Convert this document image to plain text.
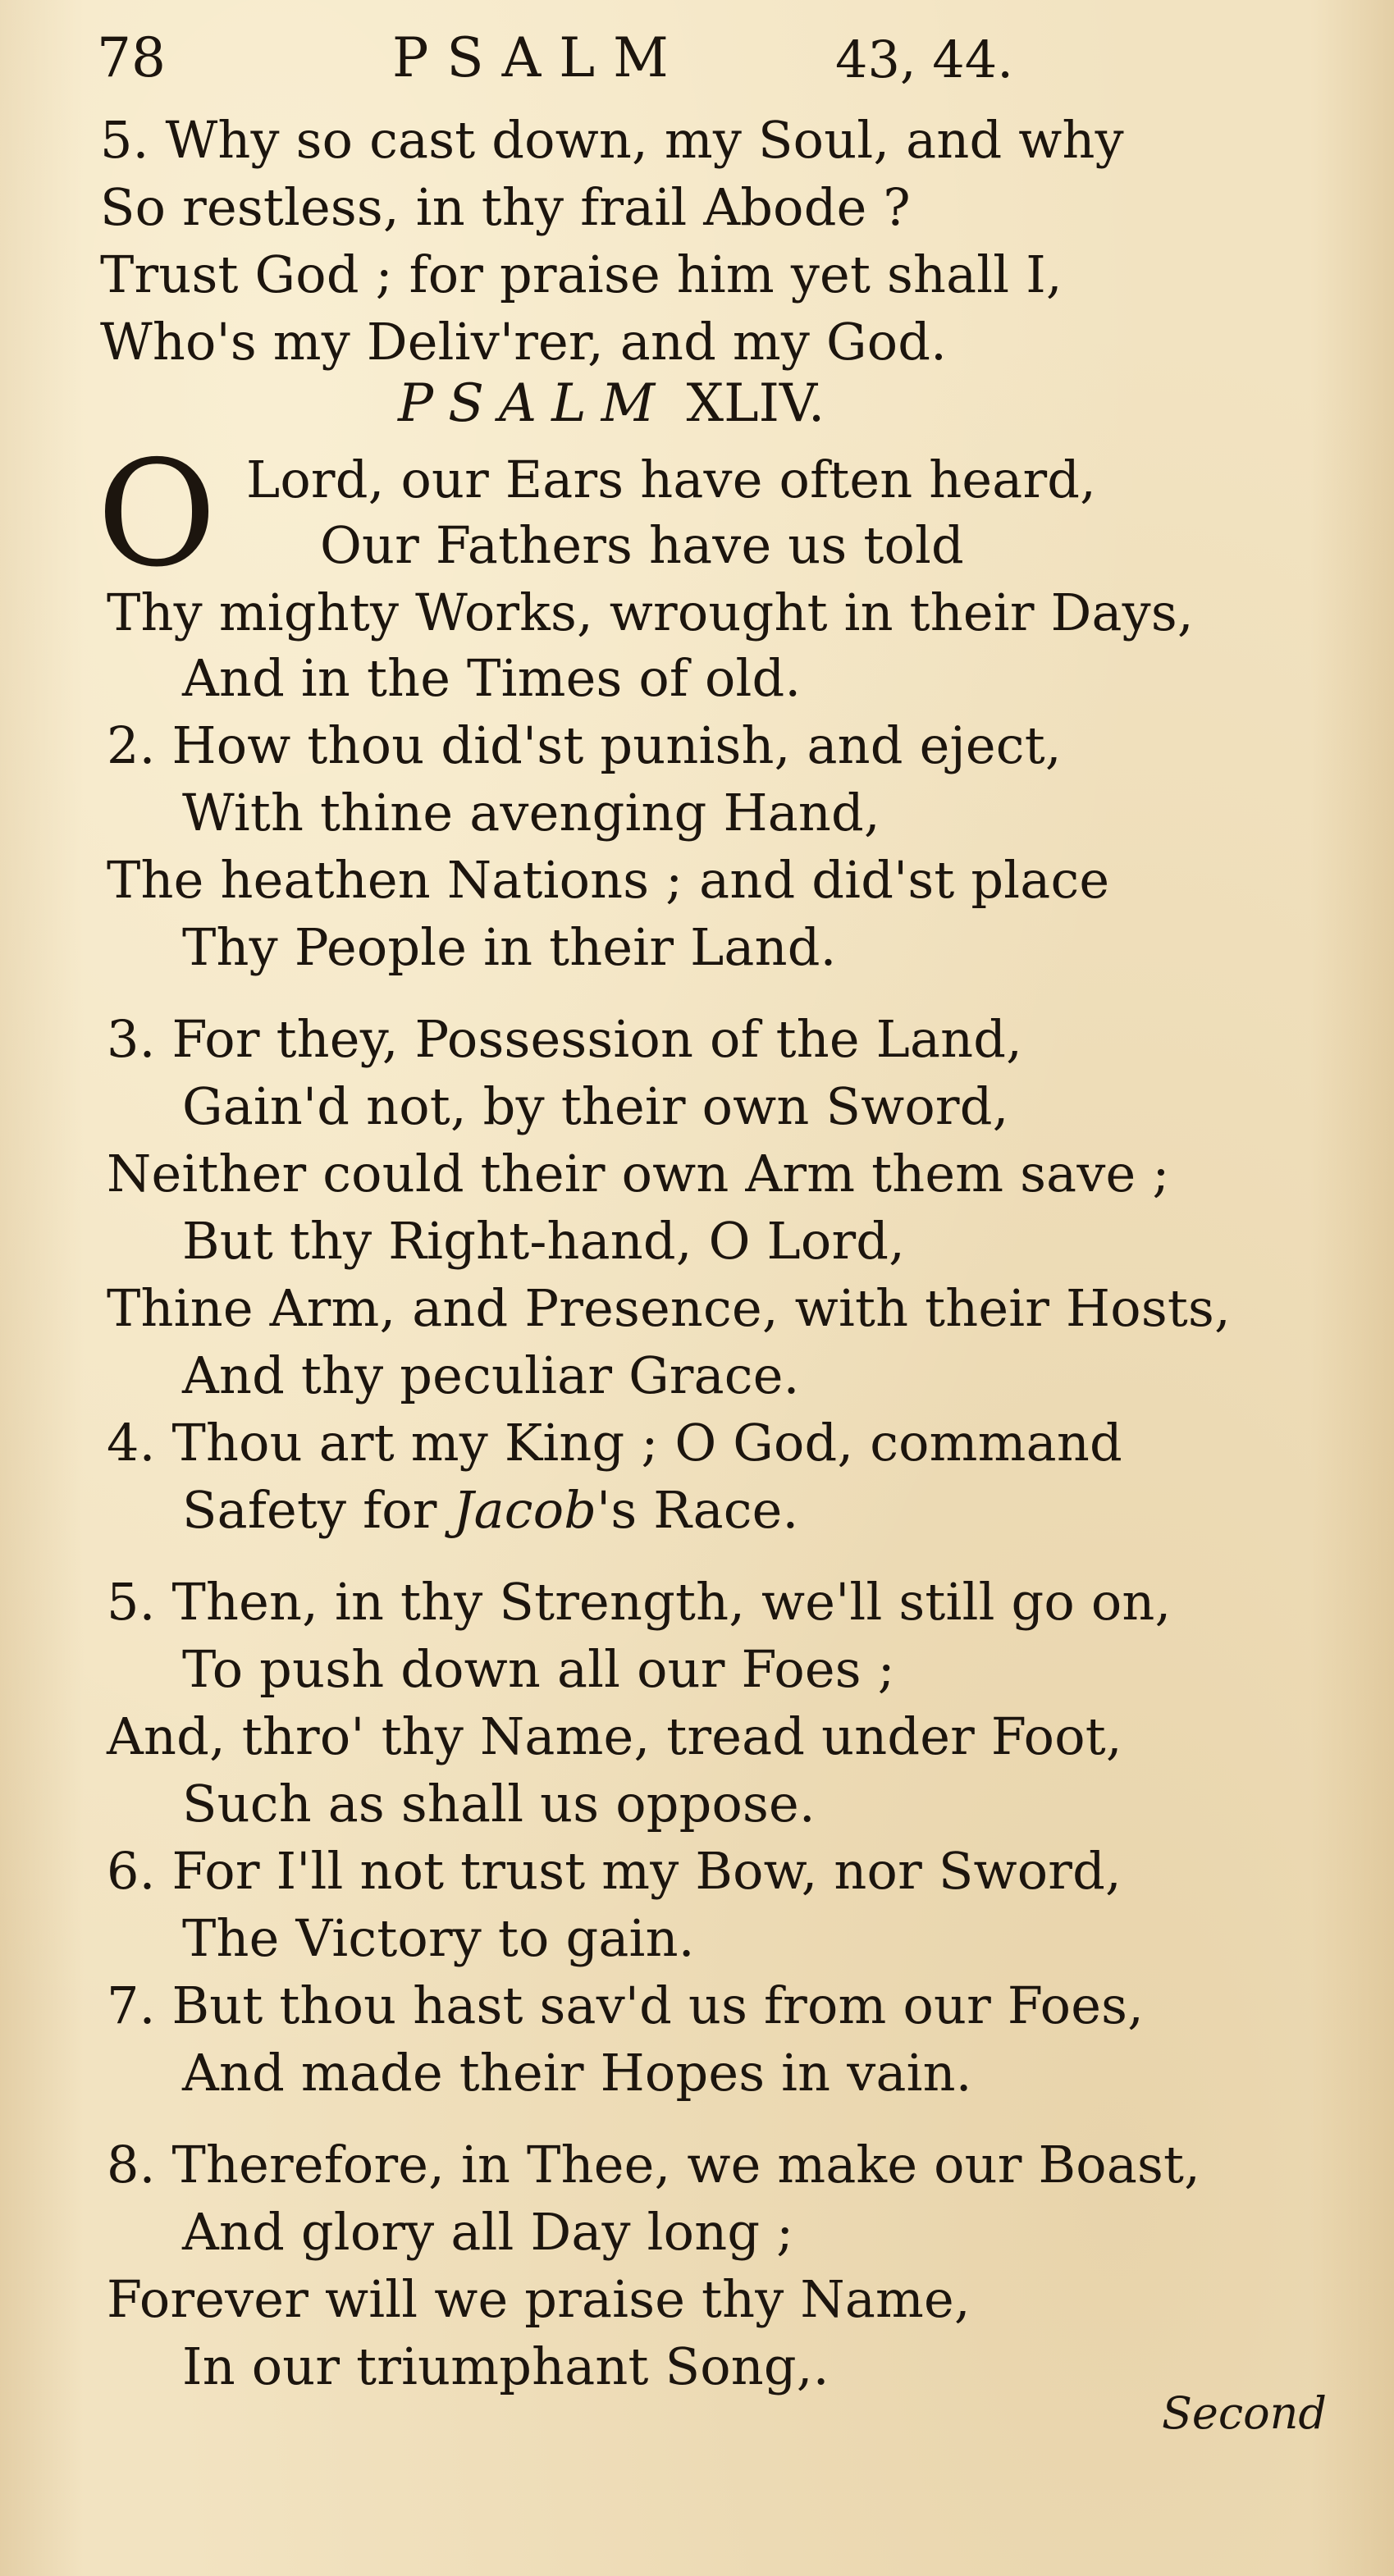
78	PSALM	43, 44.
5. Why so cast down, my Soul, and why
So restless, in thy frail Abode ?
Trust God ; for praise him yet shall I,
Who's my Deliv'rer, and my God.
PSALM XLIV.
O Lord, our Ears have often heard,
Our Fathers have us told
Thy mighty Works, wrought in their Days,
And in the Times of old.
2. How thou did'st punish, and eject,
With thine avenging Hand,
The heathen Nations ; and did'st place
Thy People in their Land.
3. For they, Possession of the Land,
Gain'd not, by their own Sword,
Neither could their own Arm them save ;
But thy Right-hand, O Lord,
Thine Arm, and Presence, with their Hosts,
And thy peculiar Grace.
4. Thou art my King ; O God, command
Safety for Jacob's Race.
5. Then, in thy Strength, we'll still go on,
To push down all our Foes ;
And, thro' thy Name, tread under Foot,
Such as shall us oppose.
6. For I'll not trust my Bow, nor Sword,
The Victory to gain.
7. But thou hast sav'd us from our Foes,
And made their Hopes in vain.
8. Therefore, in Thee, we make our Boast,
And glory all Day long ;
Forever will we praise thy Name,
In our triumphant Song,.
Second
